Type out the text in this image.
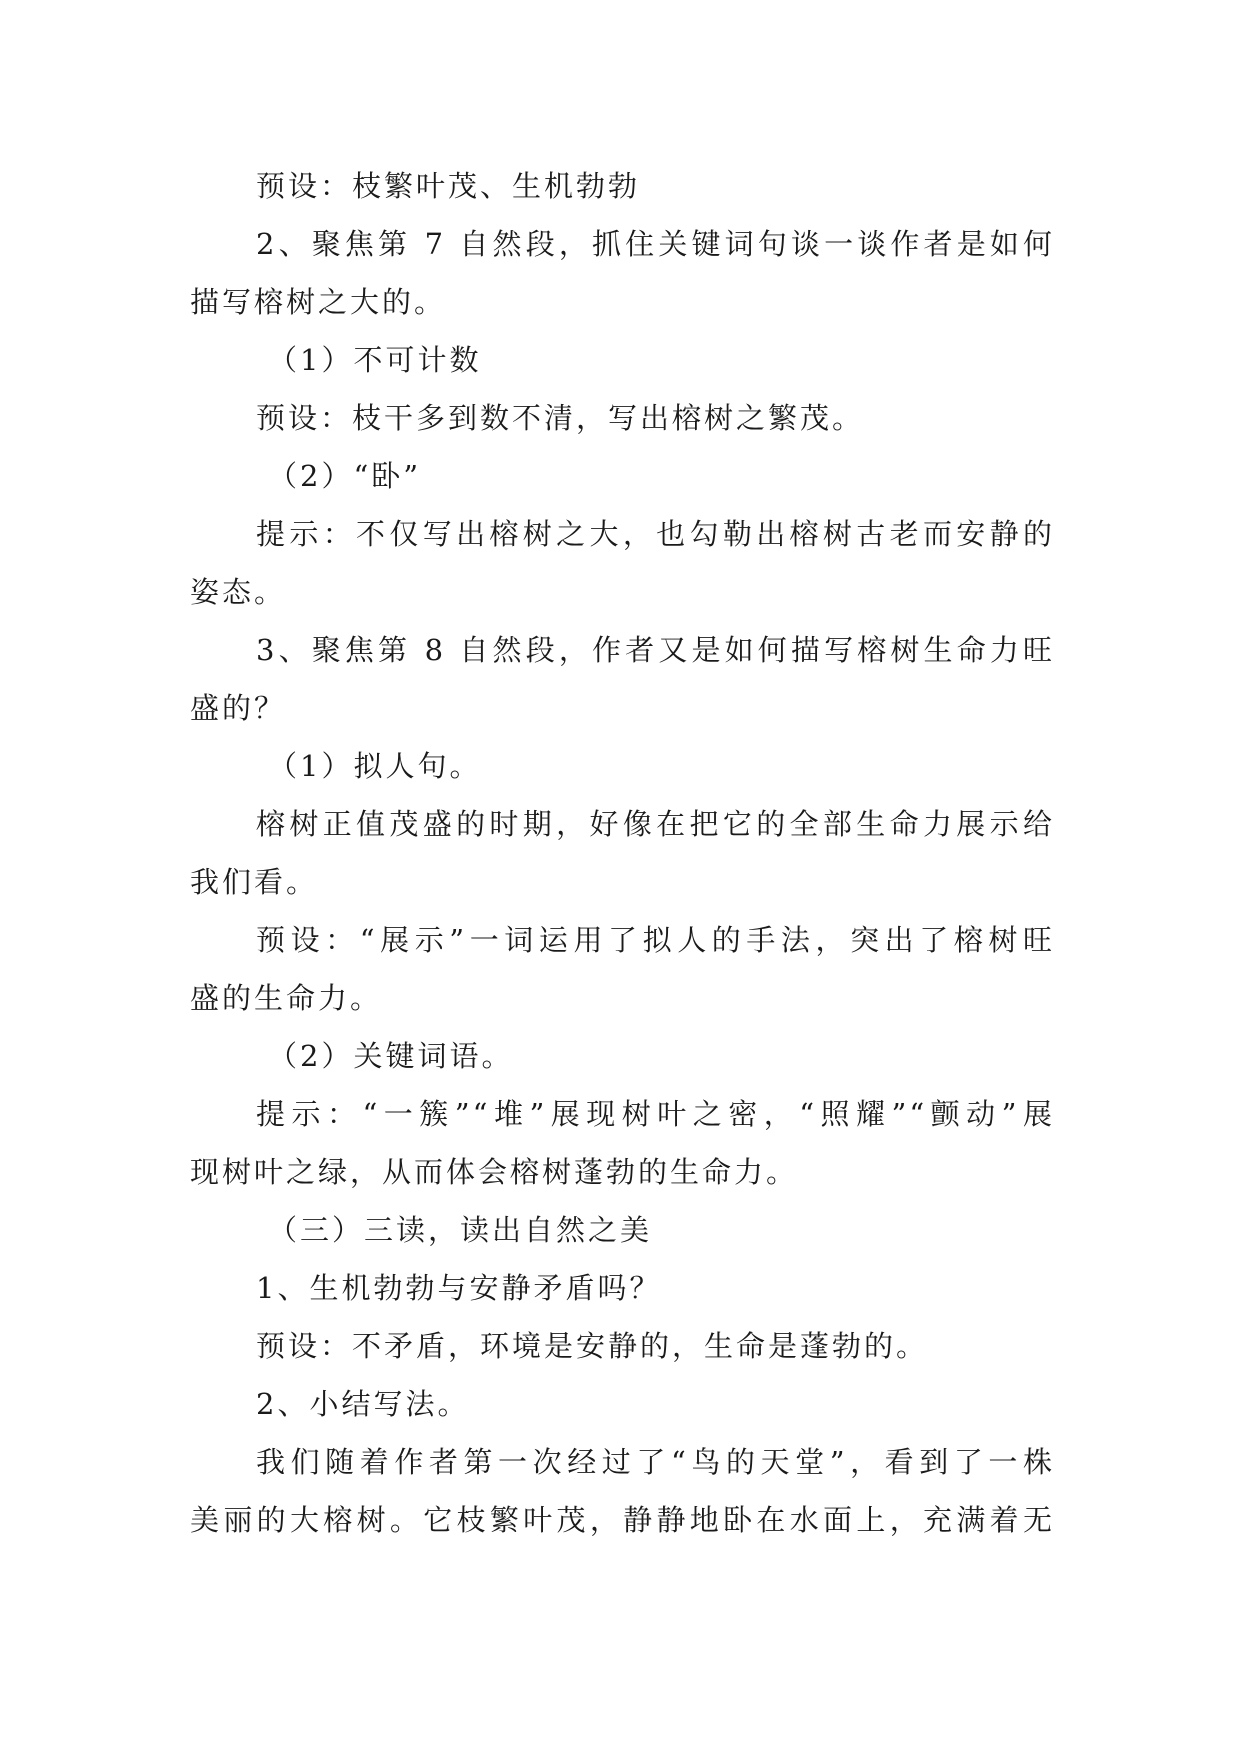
预设：枝繁叶茂、生机勃勃
2、聚焦第 7 自然段，抓住关键词句谈一谈作者是如何
描写榕树之大的。
（1）不可计数
预设：枝干多到数不清，写出榕树之繁茂。
（2）“卧”
提示：不仅写出榕树之大，也勾勒出榕树古老而安静的
姿态。
3、聚焦第 8 自然段，作者又是如何描写榕树生命力旺
盛的？
（1）拟人句。
榕树正值茂盛的时期，好像在把它的全部生命力展示给
我们看。
预设：“展示”一词运用了拟人的手法，突出了榕树旺
盛的生命力。
（2）关键词语。
提示：“一簇”“堆”展现树叶之密，“照耀”“颤动”展
现树叶之绿，从而体会榕树蓬勃的生命力。
（三）三读，读出自然之美
1、生机勃勃与安静矛盾吗？
预设：不矛盾，环境是安静的，生命是蓬勃的。
2、小结写法。
我们随着作者第一次经过了“鸟的天堂”，看到了一株
美丽的大榕树。它枝繁叶茂，静静地卧在水面上，充满着无
